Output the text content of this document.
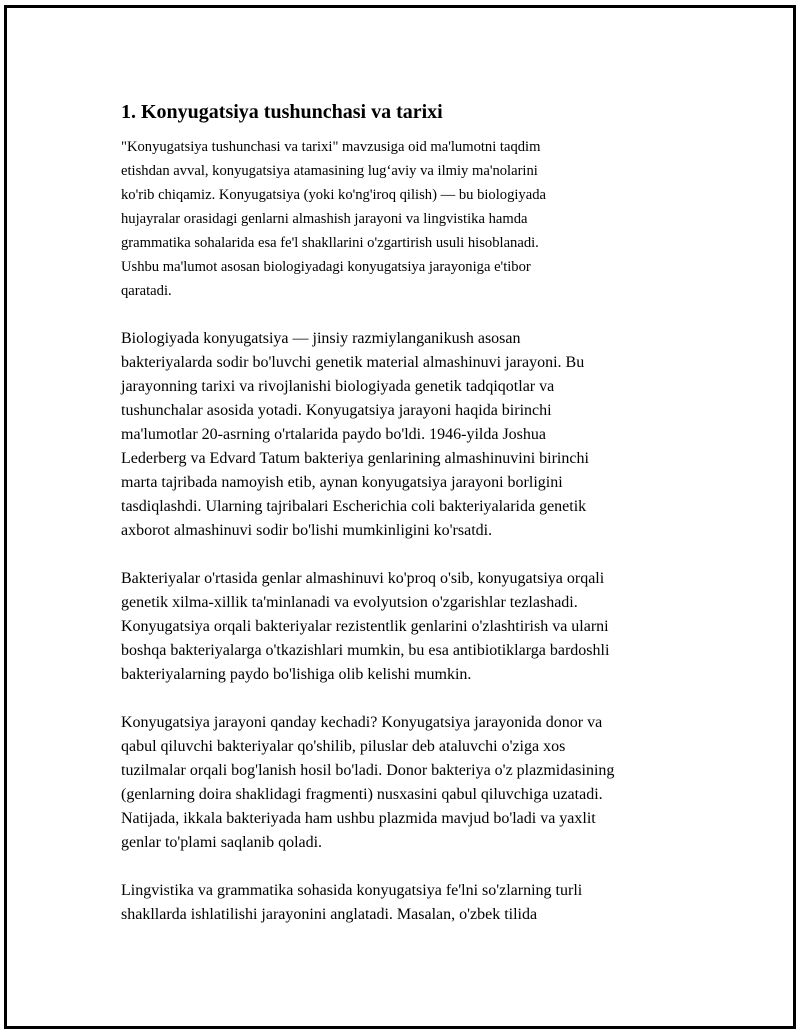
1. Konyugatsiya tushunchasi va tarixi

"Konyugatsiya tushunchasi va tarixi" mavzusiga oid ma'lumotni taqdim
etishdan avval, konyugatsiya atamasining lug‘aviy va ilmiy ma'nolarini
ko'rib chiqamiz. Konyugatsiya (yoki ko'ng'iroq qilish) — bu biologiyada
hujayralar orasidagi genlarni almashish jarayoni va lingvistika hamda
grammatika sohalarida esa fe'l shakllarini o'zgartirish usuli hisoblanadi.
Ushbu ma'lumot asosan biologiyadagi konyugatsiya jarayoniga e'tibor
qaratadi.

Biologiyada konyugatsiya — jinsiy razmiylanganikush asosan
bakteriyalarda sodir bo'luvchi genetik material almashinuvi jarayoni. Bu
jarayonning tarixi va rivojlanishi biologiyada genetik tadqiqotlar va
tushunchalar asosida yotadi. Konyugatsiya jarayoni haqida birinchi
ma'lumotlar 20-asrning o'rtalarida paydo bo'ldi. 1946-yilda Joshua
Lederberg va Edvard Tatum bakteriya genlarining almashinuvini birinchi
marta tajribada namoyish etib, aynan konyugatsiya jarayoni borligini
tasdiqlashdi. Ularning tajribalari Escherichia coli bakteriyalarida genetik
axborot almashinuvi sodir bo'lishi mumkinligini ko'rsatdi.

Bakteriyalar o'rtasida genlar almashinuvi ko'proq o'sib, konyugatsiya orqali
genetik xilma-xillik ta'minlanadi va evolyutsion o'zgarishlar tezlashadi.
Konyugatsiya orqali bakteriyalar rezistentlik genlarini o'zlashtirish va ularni
boshqa bakteriyalarga o'tkazishlari mumkin, bu esa antibiotiklarga bardoshli
bakteriyalarning paydo bo'lishiga olib kelishi mumkin.

Konyugatsiya jarayoni qanday kechadi? Konyugatsiya jarayonida donor va
qabul qiluvchi bakteriyalar qo'shilib, piluslar deb ataluvchi o'ziga xos
tuzilmalar orqali bog'lanish hosil bo'ladi. Donor bakteriya o'z plazmidasining
(genlarning doira shaklidagi fragmenti) nusxasini qabul qiluvchiga uzatadi.
Natijada, ikkala bakteriyada ham ushbu plazmida mavjud bo'ladi va yaxlit
genlar to'plami saqlanib qoladi.

Lingvistika va grammatika sohasida konyugatsiya fe'lni so'zlarning turli
shakllarda ishlatilishi jarayonini anglatadi. Masalan, o'zbek tilida
